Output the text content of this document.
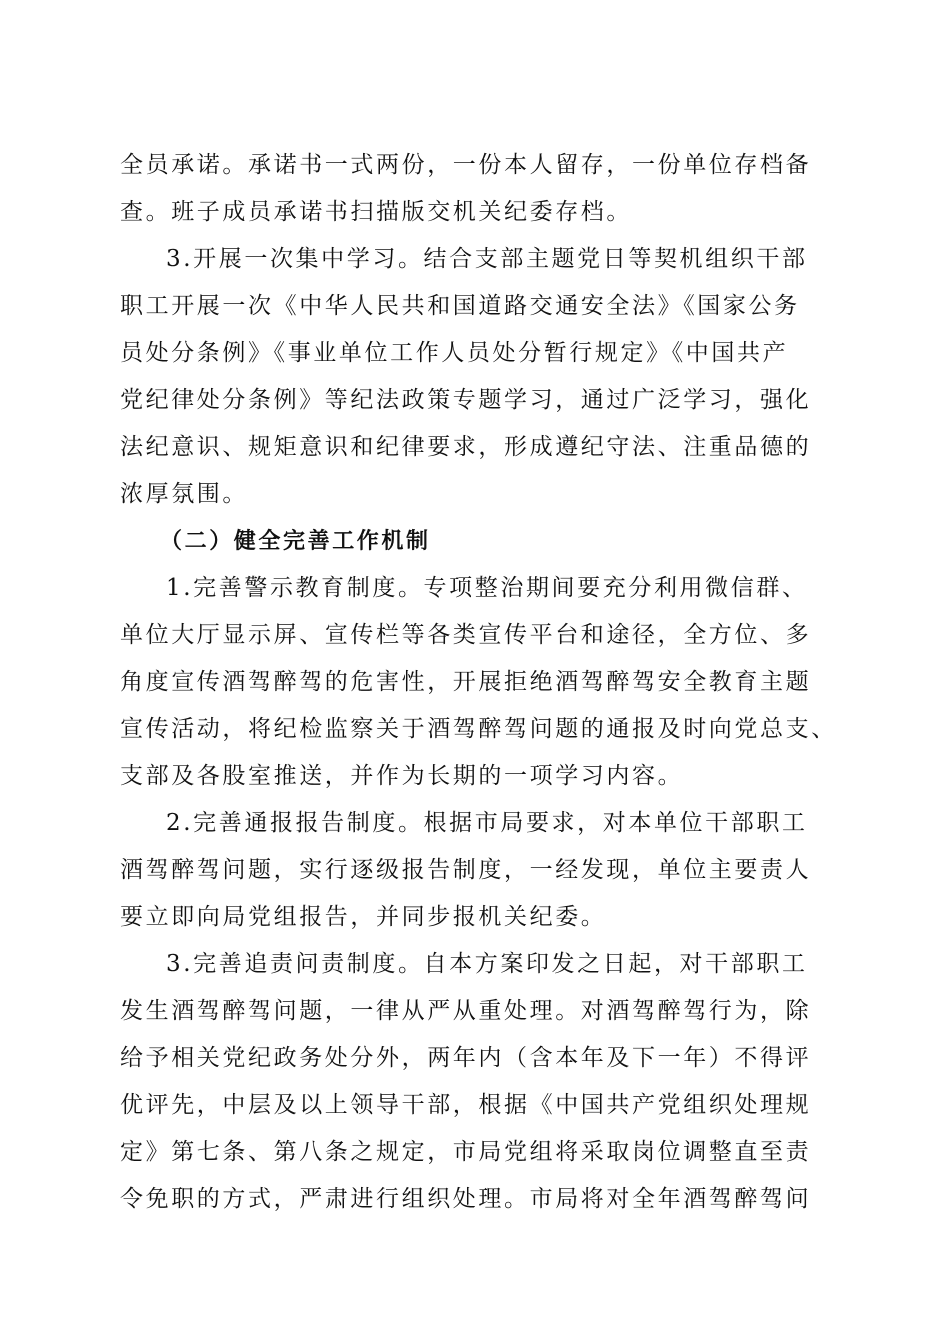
全员承诺。承诺书一式两份，一份本人留存，一份单位存档备
查。班子成员承诺书扫描版交机关纪委存档。
3.开展一次集中学习。结合支部主题党日等契机组织干部
职工开展一次《中华人民共和国道路交通安全法》《国家公务
员处分条例》《事业单位工作人员处分暂行规定》《中国共产
党纪律处分条例》等纪法政策专题学习，通过广泛学习，强化
法纪意识、规矩意识和纪律要求，形成遵纪守法、注重品德的
浓厚氛围。
（二）健全完善工作机制
1.完善警示教育制度。专项整治期间要充分利用微信群、
单位大厅显示屏、宣传栏等各类宣传平台和途径，全方位、多
角度宣传酒驾醉驾的危害性，开展拒绝酒驾醉驾安全教育主题
宣传活动，将纪检监察关于酒驾醉驾问题的通报及时向党总支、
支部及各股室推送，并作为长期的一项学习内容。
2.完善通报报告制度。根据市局要求，对本单位干部职工
酒驾醉驾问题，实行逐级报告制度，一经发现，单位主要责人
要立即向局党组报告，并同步报机关纪委。
3.完善追责问责制度。自本方案印发之日起，对干部职工
发生酒驾醉驾问题，一律从严从重处理。对酒驾醉驾行为，除
给予相关党纪政务处分外，两年内（含本年及下一年）不得评
优评先，中层及以上领导干部，根据《中国共产党组织处理规
定》第七条、第八条之规定，市局党组将采取岗位调整直至责
令免职的方式，严肃进行组织处理。市局将对全年酒驾醉驾问
